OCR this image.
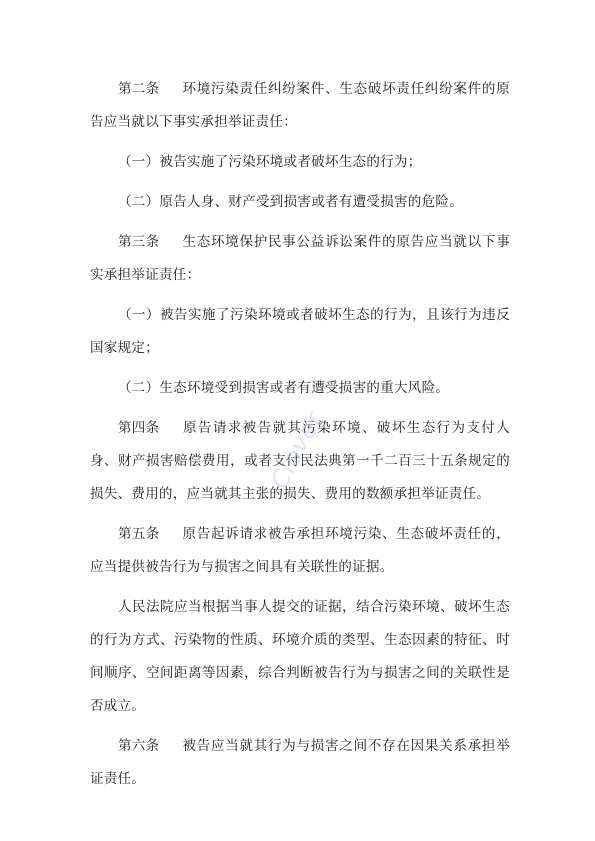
第二条 环境污染责任纠纷案件、生态破坏责任纠纷案件的原告应当就以下事实承担举证责任：

（一）被告实施了污染环境或者破坏生态的行为；

（二）原告人身、财产受到损害或者有遭受损害的危险。

第三条 生态环境保护民事公益诉讼案件的原告应当就以下事实承担举证责任：

（一）被告实施了污染环境或者破坏生态的行为，且该行为违反国家规定；

（二）生态环境受到损害或者有遭受损害的重大风险。

第四条 原告请求被告就其污染环境、破坏生态行为支付人身、财产损害赔偿费用，或者支付民法典第一千二百三十五条规定的损失、费用的，应当就其主张的损失、费用的数额承担举证责任。

第五条 原告起诉请求被告承担环境污染、生态破坏责任的，应当提供被告行为与损害之间具有关联性的证据。

人民法院应当根据当事人提交的证据，结合污染环境、破坏生态的行为方式、污染物的性质、环境介质的类型、生态因素的特征、时间顺序、空间距离等因素，综合判断被告行为与损害之间的关联性是否成立。

第六条 被告应当就其行为与损害之间不存在因果关系承担举证责任。

Clover
